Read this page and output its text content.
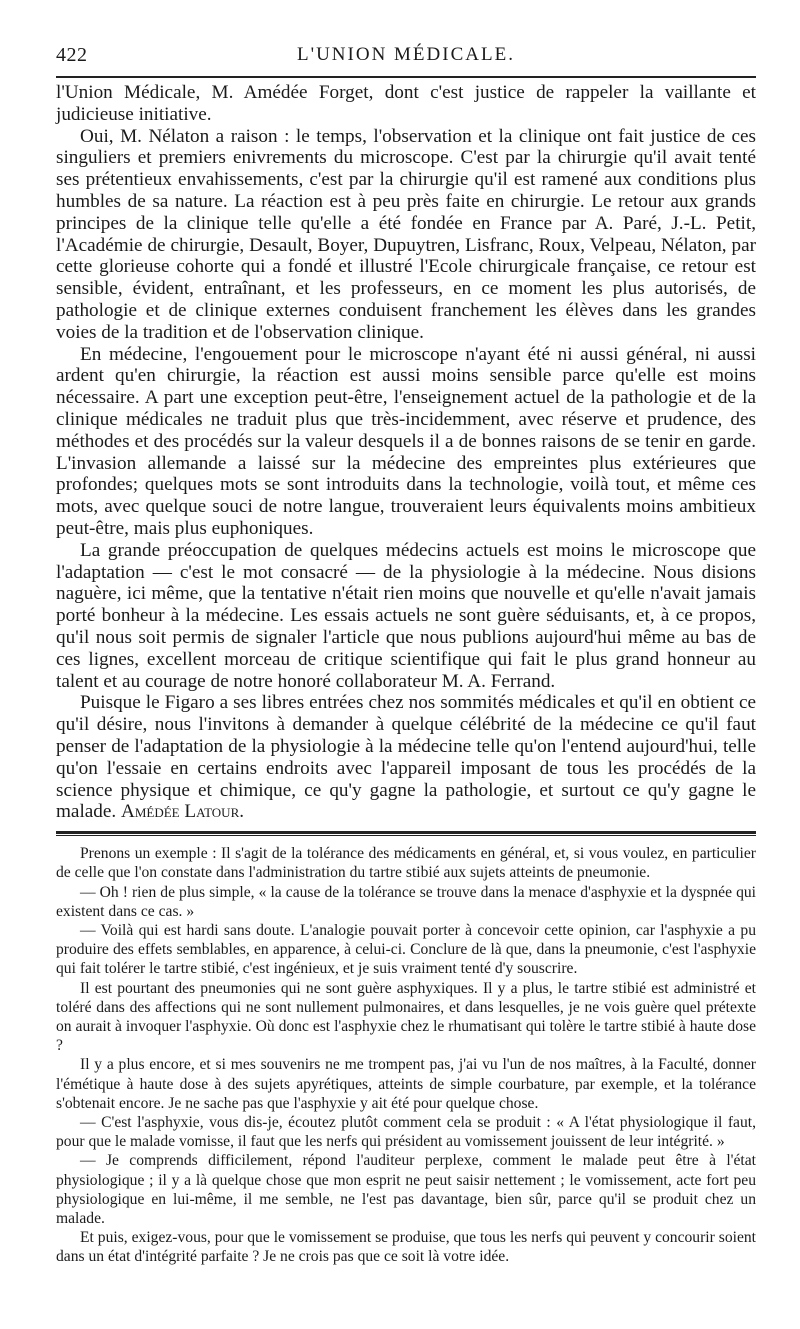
422	L'UNION MÉDICALE.

l'Union Médicale, M. Amédée Forget, dont c'est justice de rappeler la vaillante et judicieuse initiative.

Oui, M. Nélaton a raison : le temps, l'observation et la clinique ont fait justice de ces singuliers et premiers enivrements du microscope. C'est par la chirurgie qu'il avait tenté ses prétentieux envahissements, c'est par la chirurgie qu'il est ramené aux conditions plus humbles de sa nature. La réaction est à peu près faite en chirurgie. Le retour aux grands principes de la clinique telle qu'elle a été fondée en France par A. Paré, J.-L. Petit, l'Académie de chirurgie, Desault, Boyer, Dupuytren, Lisfranc, Roux, Velpeau, Nélaton, par cette glorieuse cohorte qui a fondé et illustré l'Ecole chirurgicale française, ce retour est sensible, évident, entraînant, et les professeurs, en ce moment les plus autorisés, de pathologie et de clinique externes conduisent franchement les élèves dans les grandes voies de la tradition et de l'observation clinique.

En médecine, l'engouement pour le microscope n'ayant été ni aussi général, ni aussi ardent qu'en chirurgie, la réaction est aussi moins sensible parce qu'elle est moins nécessaire. A part une exception peut-être, l'enseignement actuel de la pathologie et de la clinique médicales ne traduit plus que très-incidemment, avec réserve et prudence, des méthodes et des procédés sur la valeur desquels il a de bonnes raisons de se tenir en garde. L'invasion allemande a laissé sur la médecine des empreintes plus extérieures que profondes; quelques mots se sont introduits dans la technologie, voilà tout, et même ces mots, avec quelque souci de notre langue, trouveraient leurs équivalents moins ambitieux peut-être, mais plus euphoniques.

La grande préoccupation de quelques médecins actuels est moins le microscope que l'adaptation — c'est le mot consacré — de la physiologie à la médecine. Nous disions naguère, ici même, que la tentative n'était rien moins que nouvelle et qu'elle n'avait jamais porté bonheur à la médecine. Les essais actuels ne sont guère séduisants, et, à ce propos, qu'il nous soit permis de signaler l'article que nous publions aujourd'hui même au bas de ces lignes, excellent morceau de critique scientifique qui fait le plus grand honneur au talent et au courage de notre honoré collaborateur M. A. Ferrand.

Puisque le Figaro a ses libres entrées chez nos sommités médicales et qu'il en obtient ce qu'il désire, nous l'invitons à demander à quelque célébrité de la médecine ce qu'il faut penser de l'adaptation de la physiologie à la médecine telle qu'on l'entend aujourd'hui, telle qu'on l'essaie en certains endroits avec l'appareil imposant de tous les procédés de la science physique et chimique, ce qu'y gagne la pathologie, et surtout ce qu'y gagne le malade. Amédée Latour.

Prenons un exemple : Il s'agit de la tolérance des médicaments en général, et, si vous voulez, en particulier de celle que l'on constate dans l'administration du tartre stibié aux sujets atteints de pneumonie.

— Oh ! rien de plus simple, « la cause de la tolérance se trouve dans la menace d'asphyxie et la dyspnée qui existent dans ce cas. »

— Voilà qui est hardi sans doute. L'analogie pouvait porter à concevoir cette opinion, car l'asphyxie a pu produire des effets semblables, en apparence, à celui-ci. Conclure de là que, dans la pneumonie, c'est l'asphyxie qui fait tolérer le tartre stibié, c'est ingénieux, et je suis vraiment tenté d'y souscrire.

Il est pourtant des pneumonies qui ne sont guère asphyxiques. Il y a plus, le tartre stibié est administré et toléré dans des affections qui ne sont nullement pulmonaires, et dans lesquelles, je ne vois guère quel prétexte on aurait à invoquer l'asphyxie. Où donc est l'asphyxie chez le rhumatisant qui tolère le tartre stibié à haute dose ?

Il y a plus encore, et si mes souvenirs ne me trompent pas, j'ai vu l'un de nos maîtres, à la Faculté, donner l'émétique à haute dose à des sujets apyrétiques, atteints de simple courbature, par exemple, et la tolérance s'obtenait encore. Je ne sache pas que l'asphyxie y ait été pour quelque chose.

— C'est l'asphyxie, vous dis-je, écoutez plutôt comment cela se produit : « A l'état physiologique il faut, pour que le malade vomisse, il faut que les nerfs qui président au vomissement jouissent de leur intégrité. »

— Je comprends difficilement, répond l'auditeur perplexe, comment le malade peut être à l'état physiologique ; il y a là quelque chose que mon esprit ne peut saisir nettement ; le vomissement, acte fort peu physiologique en lui-même, il me semble, ne l'est pas davantage, bien sûr, parce qu'il se produit chez un malade.

Et puis, exigez-vous, pour que le vomissement se produise, que tous les nerfs qui peuvent y concourir soient dans un état d'intégrité parfaite ? Je ne crois pas que ce soit là votre idée.
